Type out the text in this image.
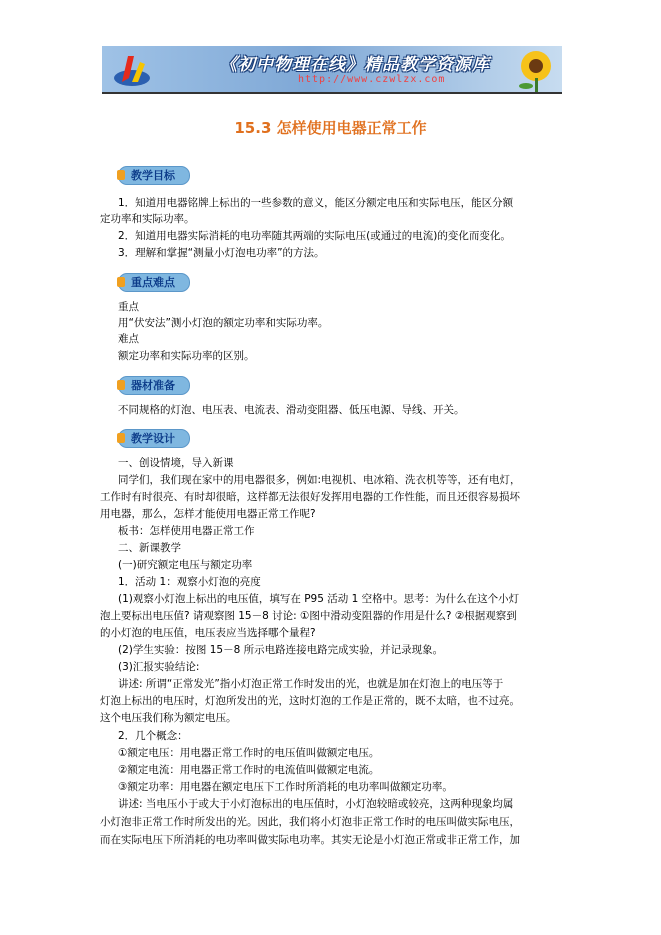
《初中物理在线》精品教学资源库
http://www.czwlzx.com
15.3 怎样使用电器正常工作
教学目标
1．知道用电器铭牌上标出的一些参数的意义，能区分额定电压和实际电压，能区分额
定功率和实际功率。
2．知道用电器实际消耗的电功率随其两端的实际电压(或通过的电流)的变化而变化。
3．理解和掌握“测量小灯泡电功率”的方法。
重点难点
重点
用“伏安法”测小灯泡的额定功率和实际功率。
难点
额定功率和实际功率的区别。
器材准备
不同规格的灯泡、电压表、电流表、滑动变阻器、低压电源、导线、开关。
教学设计
一、创设情境，导入新课
同学们，我们现在家中的用电器很多，例如:电视机、电冰箱、洗衣机等等，还有电灯，
工作时有时很亮、有时却很暗，这样都无法很好发挥用电器的工作性能，而且还很容易损坏
用电器，那么，怎样才能使用电器正常工作呢?
板书：怎样使用电器正常工作
二、新课教学
(一)研究额定电压与额定功率
1．活动 1：观察小灯泡的亮度
(1)观察小灯泡上标出的电压值，填写在 P95 活动 1 空格中。思考：为什么在这个小灯
泡上要标出电压值? 请观察图 15－8 讨论: ①图中滑动变阻器的作用是什么? ②根据观察到
的小灯泡的电压值，电压表应当选择哪个量程?
(2)学生实验：按图 15－8 所示电路连接电路完成实验，并记录现象。
(3)汇报实验结论:
讲述: 所谓“正常发光”指小灯泡正常工作时发出的光，也就是加在灯泡上的电压等于
灯泡上标出的电压时，灯泡所发出的光，这时灯泡的工作是正常的，既不太暗，也不过亮。
这个电压我们称为额定电压。
2．几个概念：
①额定电压：用电器正常工作时的电压值叫做额定电压。
②额定电流：用电器正常工作时的电流值叫做额定电流。
③额定功率：用电器在额定电压下工作时所消耗的电功率叫做额定功率。
讲述: 当电压小于或大于小灯泡标出的电压值时，小灯泡较暗或较亮，这两种现象均属
小灯泡非正常工作时所发出的光。因此，我们将小灯泡非正常工作时的电压叫做实际电压，
而在实际电压下所消耗的电功率叫做实际电功率。其实无论是小灯泡正常或非正常工作，加
